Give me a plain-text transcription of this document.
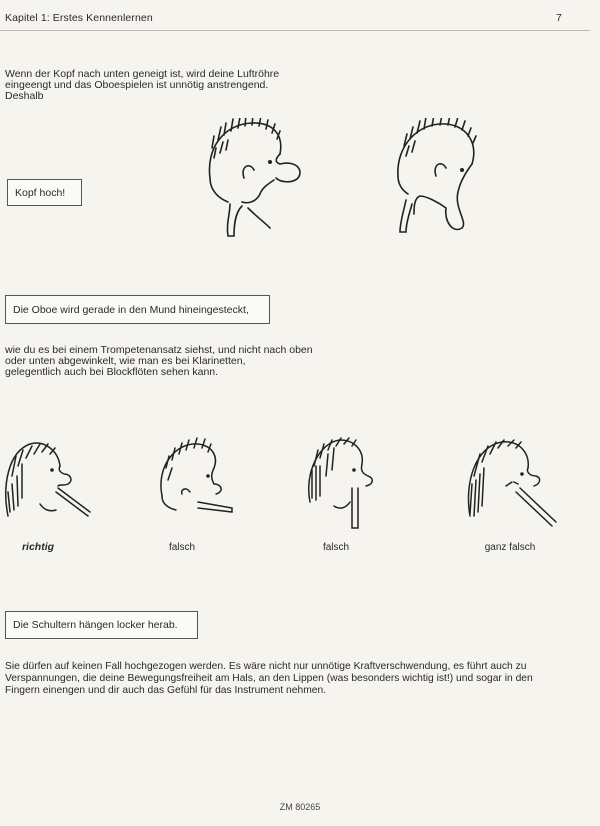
Kapitel 1: Erstes Kennenlernen	7
Wenn der Kopf nach unten geneigt ist, wird deine Luftröhre
eingeengt und das Oboespielen ist unnötig anstrengend.
Deshalb
Kopf hoch!
Die Oboe wird gerade in den Mund hineingesteckt,
wie du es bei einem Trompetenansatz siehst, und nicht nach oben
oder unten abgewinkelt, wie man es bei Klarinetten,
gelegentlich auch bei Blockflöten sehen kann.
richtig	falsch	falsch	ganz falsch
Die Schultern hängen locker herab.
Sie dürfen auf keinen Fall hochgezogen werden. Es wäre nicht nur unnötige Kraftverschwendung, es führt auch zu
Verspannungen, die deine Bewegungsfreiheit am Hals, an den Lippen (was besonders wichtig ist!) und sogar in den
Fingern einengen und dir auch das Gefühl für das Instrument nehmen.
ZM 80265
